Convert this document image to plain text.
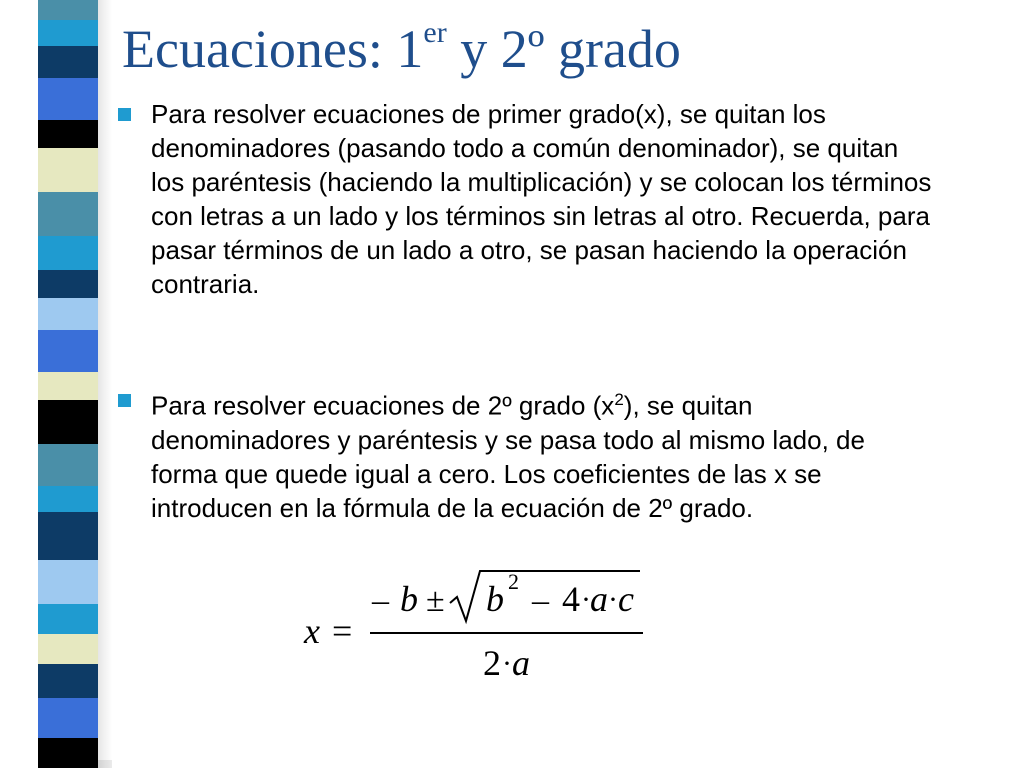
Ecuaciones: 1er y 2º grado
Para resolver ecuaciones de primer grado(x), se quitan los denominadores (pasando todo a común denominador), se quitan los paréntesis (haciendo la multiplicación) y se colocan los términos con letras a un lado y los términos sin letras al otro. Recuerda, para pasar términos de un lado a otro, se pasan haciendo la operación contraria.
Para resolver ecuaciones de 2º grado $(x^2)$, se quitan denominadores y paréntesis y se pasa todo al mismo lado, de forma que quede igual a cero. Los coeficientes de las x se introducen en la fórmula de la ecuación de 2º grado.
x =
– b ± b 2
– 4 · a · c
2 · a
